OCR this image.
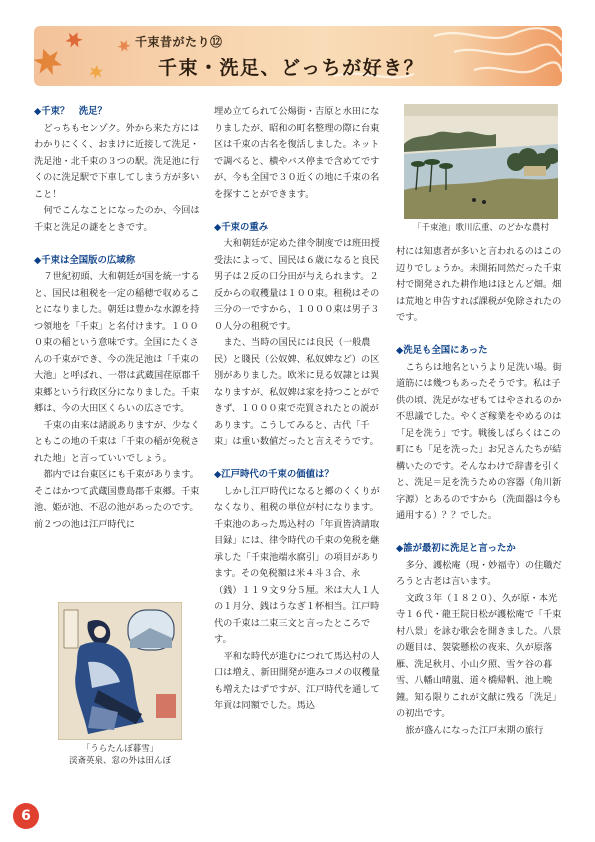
千束昔がたり⑫
千束・洗足、どっちが好き？
◆千束？　洗足？

どっちもセンゾク。外から来た方にはわかりにくく、おまけに近接して洗足・洗足池・北千束の３つの駅。洗足池に行くのに洗足駅で下車してしまう方が多いこと！

何でこんなことになったのか、今回は千束と洗足の謎をときです。

◆千束は全国版の広域称

７世紀初頭、大和朝廷が国を統一すると、国民は租税を一定の稲穂で収めることになりました。朝廷は豊かな水源を持つ領地を「千束」と名付けます。１０００束の稲という意味です。全国にたくさんの千束ができ、今の洗足池は「千束の大池」と呼ばれ、一帯は武蔵国荏原郡千束郷という行政区分になりました。千束郷は、今の大田区くらいの広さです。

千束の由来は諸説ありますが、少なくともこの地の千束は「千束の稲が免税された地」と言っていいでしょう。

都内では台東区にも千束があります。そこはかつて武蔵国豊島郡千束郷。千束池、姫が池、不忍の池があったのです。前２つの池は江戸時代に

「うらたんぼ暮雪」
渓斎英泉、窓の外は田んぼ

埋め立てられて公煬街・吉原と水田になりましたが、昭和の町名整理の際に台東区は千束の古名を復活しました。ネットで調べると、横やバス停まで含めてですが、今も全国で３０近くの地に千束の名を探すことができます。

◆千束の重み

大和朝廷が定めた律令制度では班田授受法によって、国民は６歳になると良民男子は２反の口分田が与えられます。２反からの収穫量は１００束。租税はその三分の一ですから、１０００束は男子３０人分の租税です。

また、当時の国民には良民（一般農民）と賤民（公奴婢、私奴婢など）の区別がありました。欧米に見る奴隷とは異なりますが、私奴婢は家を持つことができず、１０００束で売買されたとの説があります。こうしてみると、古代「千束」は重い数値だったと言えそうです。

◆江戸時代の千束の価値は？

しかし江戸時代になると郷のくくりがなくなり、租税の単位が村になります。千束池のあった馬込村の「年貢皆済請取目録」には、律令時代の千束の免税を継承した「千束池端水腐引」の項目があります。その免税額は米４斗３合、永（銭）１１９文９分５厘。米は大人１人の１月分、銭はうなぎ１杯相当。江戸時代の千束は二束三文と言ったところです。

平和な時代が進むにつれて馬込村の人口は増え、新田開発が進みコメの収穫量も増えたはずですが、江戸時代を通して年貢は同額でした。馬込

「千束池」歌川広重、のどかな農村

村には知恵者が多いと言われるのはこの辺りでしょうか。未開拓同然だった千束村で開発された耕作地はほとんど畑。畑は荒地と申告すれば課税が免除されたのです。

◆洗足も全国にあった

こちらは地名というより足洗い場。街道筋には幾つもあったそうです。私は子供の頃、洗足がなぜもてはやされるのか不思議でした。やくざ稼業をやめるのは「足を洗う」です。戦後しばらくはこの町にも「足を洗った」お兄さんたちが結構いたのです。そんなわけで辞書を引くと、洗足＝足を洗うための容器（角川新字源）とあるのですから（洗面器は今も通用する）？？でした。

◆誰が最初に洗足と言ったか

多分、護松庵（現・妙福寺）の住職だろうと古老は言います。

文政３年（１８２０）、久が原・本光寺１６代・龍王院日松が護松庵で「千束村八景」を詠む歌会を開きました。八景の題目は、袈裟懸松の夜来、久が原落雁、洗足秋月、小山夕照、雪ケ谷の暮雪、八幡山晴嵐、道々橋帰帆、池上晩鐘。知る限りこれが文献に残る「洗足」の初出です。

旅が盛んになった江戸末期の旅行

6
